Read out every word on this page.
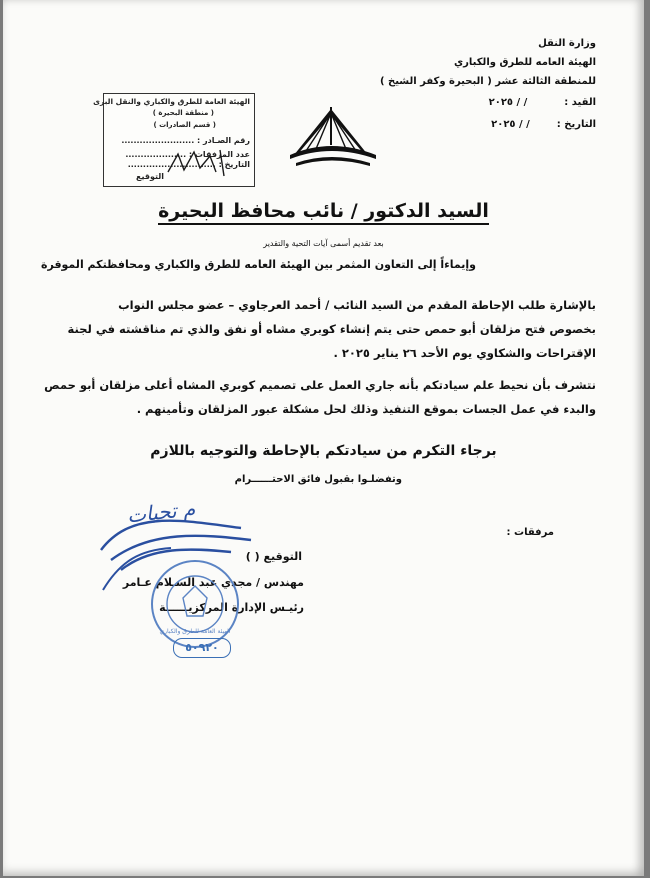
وزارة النقل
الهيئة العامه للطرق والكباري
للمنطقة الثالثة عشر ( البحيرة وكفر الشيخ )
القيد :  / / ٢٠٢٥
التاريخ :  / / ٢٠٢٥
الهيئة العامة للطرق والكباري والنقل البرى
( منطقة البحيرة )
( قسم الصادرات )
رقم الصـادر : ........................
عدد المرفقات : ....................
التاريخ : .............................
التوقيع
السيد الدكتور / نائب محافظ البحيرة
بعد تقديم أسمى آيات التحية والتقدير
وإيماءاً إلى التعاون المثمر بين الهيئة العامه للطرق والكباري ومحافظتكم الموقرة
بالإشارة طلب الإحاطة المقدم من السيد النائب / أحمد العرجاوي – عضو مجلس النواب
بخصوص فتح مزلقان أبو حمص حتى يتم إنشاء كوبري مشاه أو نفق والذي تم مناقشته في لجنة
الإقتراحات والشكاوي يوم الأحد ٢٦ يناير ٢٠٢٥ .
نتشرف بأن نحيط علم سيادتكم بأنه جاري العمل على تصميم كوبري المشاه أعلى مزلقان أبو حمص
والبدء في عمل الجسات بموقع التنفيذ وذلك لحل مشكلة عبور المزلقان وتأمينهم .
برجاء التكرم من سيادتكم بالإحاطة والتوجيه باللازم
وتفضلـوا بقبول فائق الاحتــــــرام
مرفقات :
م تحيات
التوقيع ( )
مهندس / مجدي عبد السـلام عـامر
رئيـس الإدارة المركزيــــــة
الهيئة العامة للطرق والكباري
٥٠٩٢٠
